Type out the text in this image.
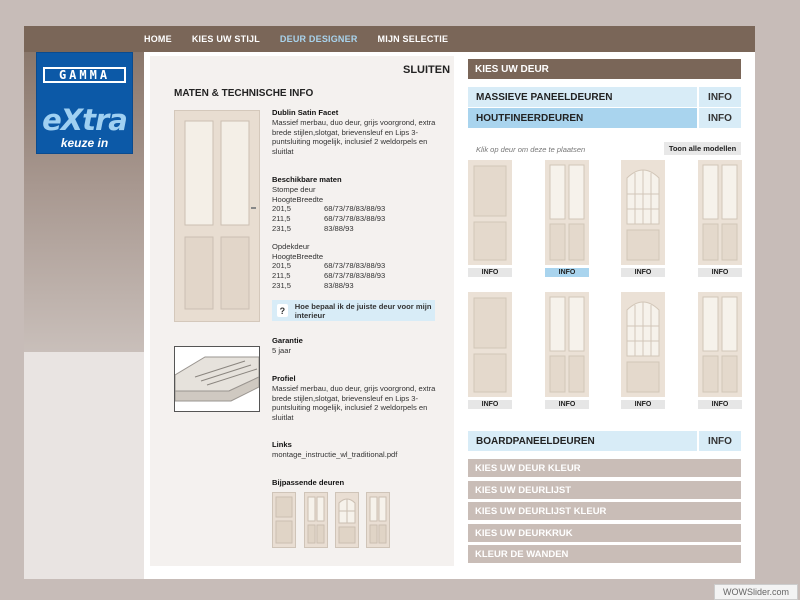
HOME KIES UW STIJL DEUR DESIGNER MIJN SELECTIE
GAMMA
eXtra
keuze in
SLUITEN
MATEN & TECHNISCHE INFO
Dublin Satin Facet
Massief merbau, duo deur, grijs voorgrond, extra brede stijlen,slotgat, brievensleuf en Lips 3-puntsluiting mogelijk, inclusief 2 weldorpels en sluitlat
Beschikbare maten
Stompe deur
HoogteBreedte
201,5	68/73/78/83/88/93
211,5	68/73/78/83/88/93
231,5	83/88/93
Opdekdeur
HoogteBreedte
201,5	68/73/78/83/88/93
211,5	68/73/78/83/88/93
231,5	83/88/93
?	Hoe bepaal ik de juiste deur voor mijn interieur
Garantie
5 jaar
Profiel
Massief merbau, duo deur, grijs voorgrond, extra brede stijlen,slotgat, brievensleuf en Lips 3-puntsluiting mogelijk, inclusief 2 weldorpels en sluitlat
Links
montage_instructie_wl_traditional.pdf
Bijpassende deuren
KIES UW DEUR
MASSIEVE PANEELDEUREN	INFO
HOUTFINEERDEUREN	INFO
Klik op deur om deze te plaatsen	Toon alle modellen
INFO	INFO	INFO	INFO
INFO	INFO	INFO	INFO
BOARDPANEELDEUREN	INFO
KIES UW DEUR KLEUR
KIES UW DEURLIJST
KIES UW DEURLIJST KLEUR
KIES UW DEURKRUK
KLEUR DE WANDEN
WOWSlider.com
